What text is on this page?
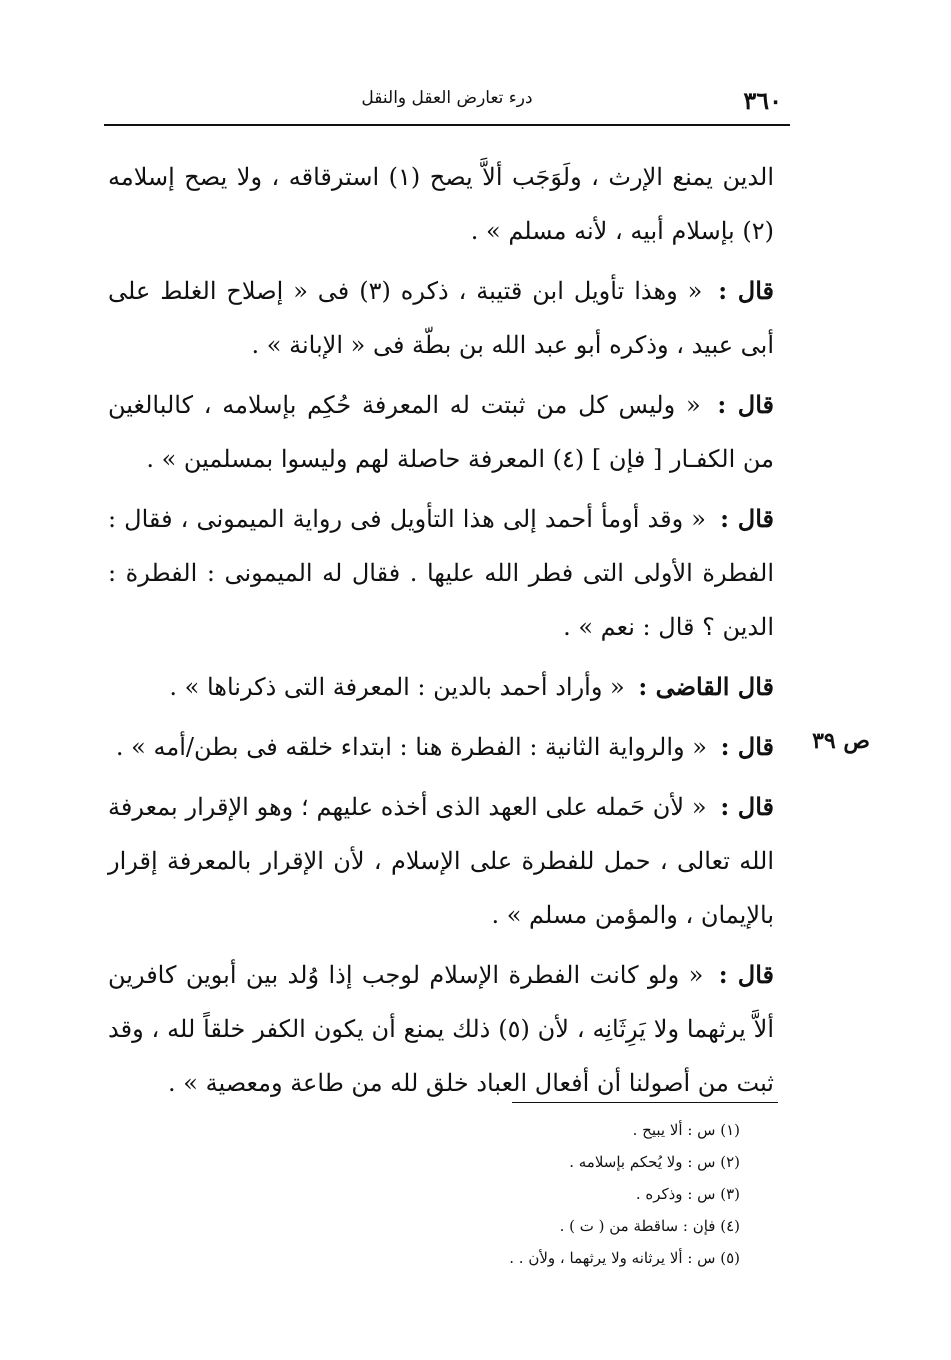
٣٦٠
درء تعارض العقل والنقل
ص ٣٩

الدين يمنع الإرث ، ولَوَجَب ألاَّ يصح (١) استرقاقه ، ولا يصح إسلامه (٢) بإسلام أبيه ، لأنه مسلم » .

قال : « وهذا تأويل ابن قتيبة ، ذكره (٣) فى « إصلاح الغلط على أبى عبيد ، وذكره أبو عبد الله بن بطّة فى « الإبانة » .

قال : « وليس كل من ثبتت له المعرفة حُكِم بإسلامه ، كالبالغين من الكفـار [ فإن ] (٤) المعرفة حاصلة لهم وليسوا بمسلمين » .

قال : « وقد أومأ أحمد إلى هذا التأويل فى رواية الميمونى ، فقال : الفطرة الأولى التى فطر الله عليها . فقال له الميمونى : الفطرة : الدين ؟ قال : نعم » .

قال القاضى : « وأراد أحمد بالدين : المعرفة التى ذكرناها » .

قال : « والرواية الثانية : الفطرة هنا : ابتداء خلقه فى بطن/أمه » .

قال : « لأن حَمله على العهد الذى أخذه عليهم ؛ وهو الإقرار بمعرفة الله تعالى ، حمل للفطرة على الإسلام ، لأن الإقرار بالمعرفة إقرار بالإيمان ، والمؤمن مسلم » .

قال : « ولو كانت الفطرة الإسلام لوجب إذا وُلد بين أبوين كافرين ألاَّ يرثهما ولا يَرِثَانِه ، لأن (٥) ذلك يمنع أن يكون الكفر خلقاً لله ، وقد ثبت من أصولنا أن أفعال العباد خلق لله من طاعة ومعصية » .

(١) س : ألا يبيح .
(٢) س : ولا يُحكم بإسلامه .
(٣) س : وذكره .
(٤) فإن : ساقطة من ( ت ) .
(٥) س : ألا يرثانه ولا يرثهما ، ولأن . .
